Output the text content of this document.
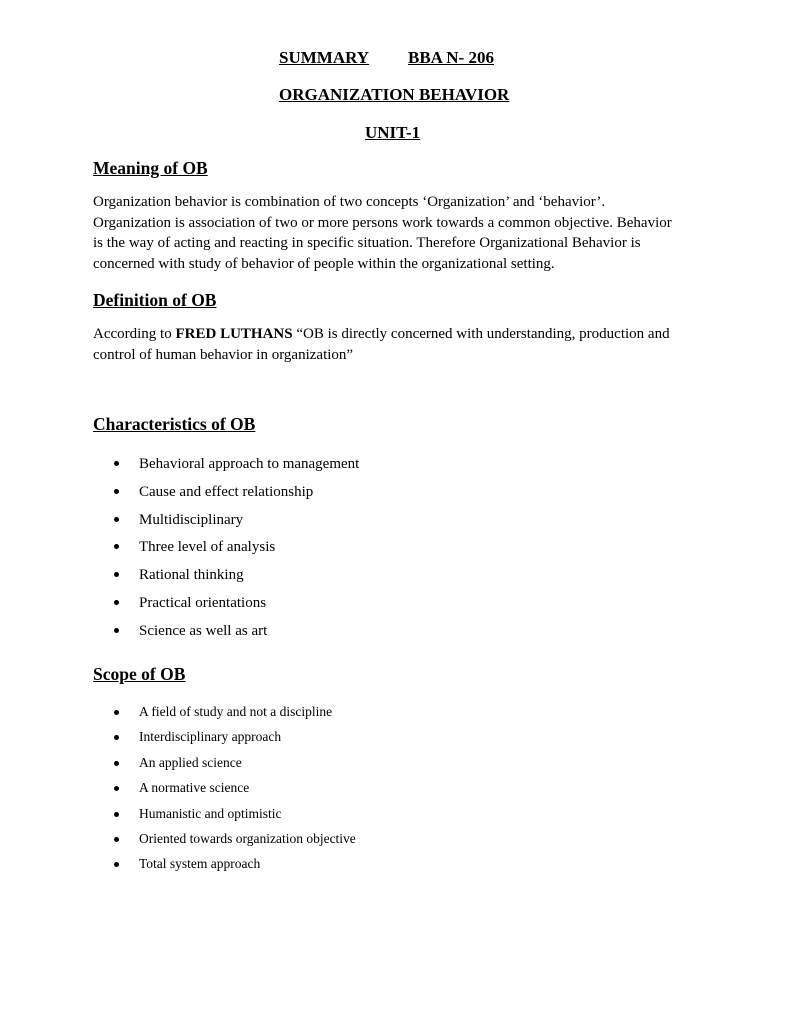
SUMMARY BBA N- 206
ORGANIZATION BEHAVIOR
UNIT-1
Meaning of OB

Organization behavior is combination of two concepts ‘Organization’ and ‘behavior’.

Organization is association of two or more persons work towards a common objective. Behavior

is the way of acting and reacting in specific situation. Therefore Organizational Behavior is

concerned with study of behavior of people within the organizational setting.

Definition of OB

According to FRED LUTHANS “OB is directly concerned with understanding, production and

control of human behavior in organization”

Characteristics of OB
Behavioral approach to management
Cause and effect relationship
Multidisciplinary
Three level of analysis
Rational thinking
Practical orientations
Science as well as art
Scope of OB
A field of study and not a discipline
Interdisciplinary approach
An applied science
A normative science
Humanistic and optimistic
Oriented towards organization objective
Total system approach
